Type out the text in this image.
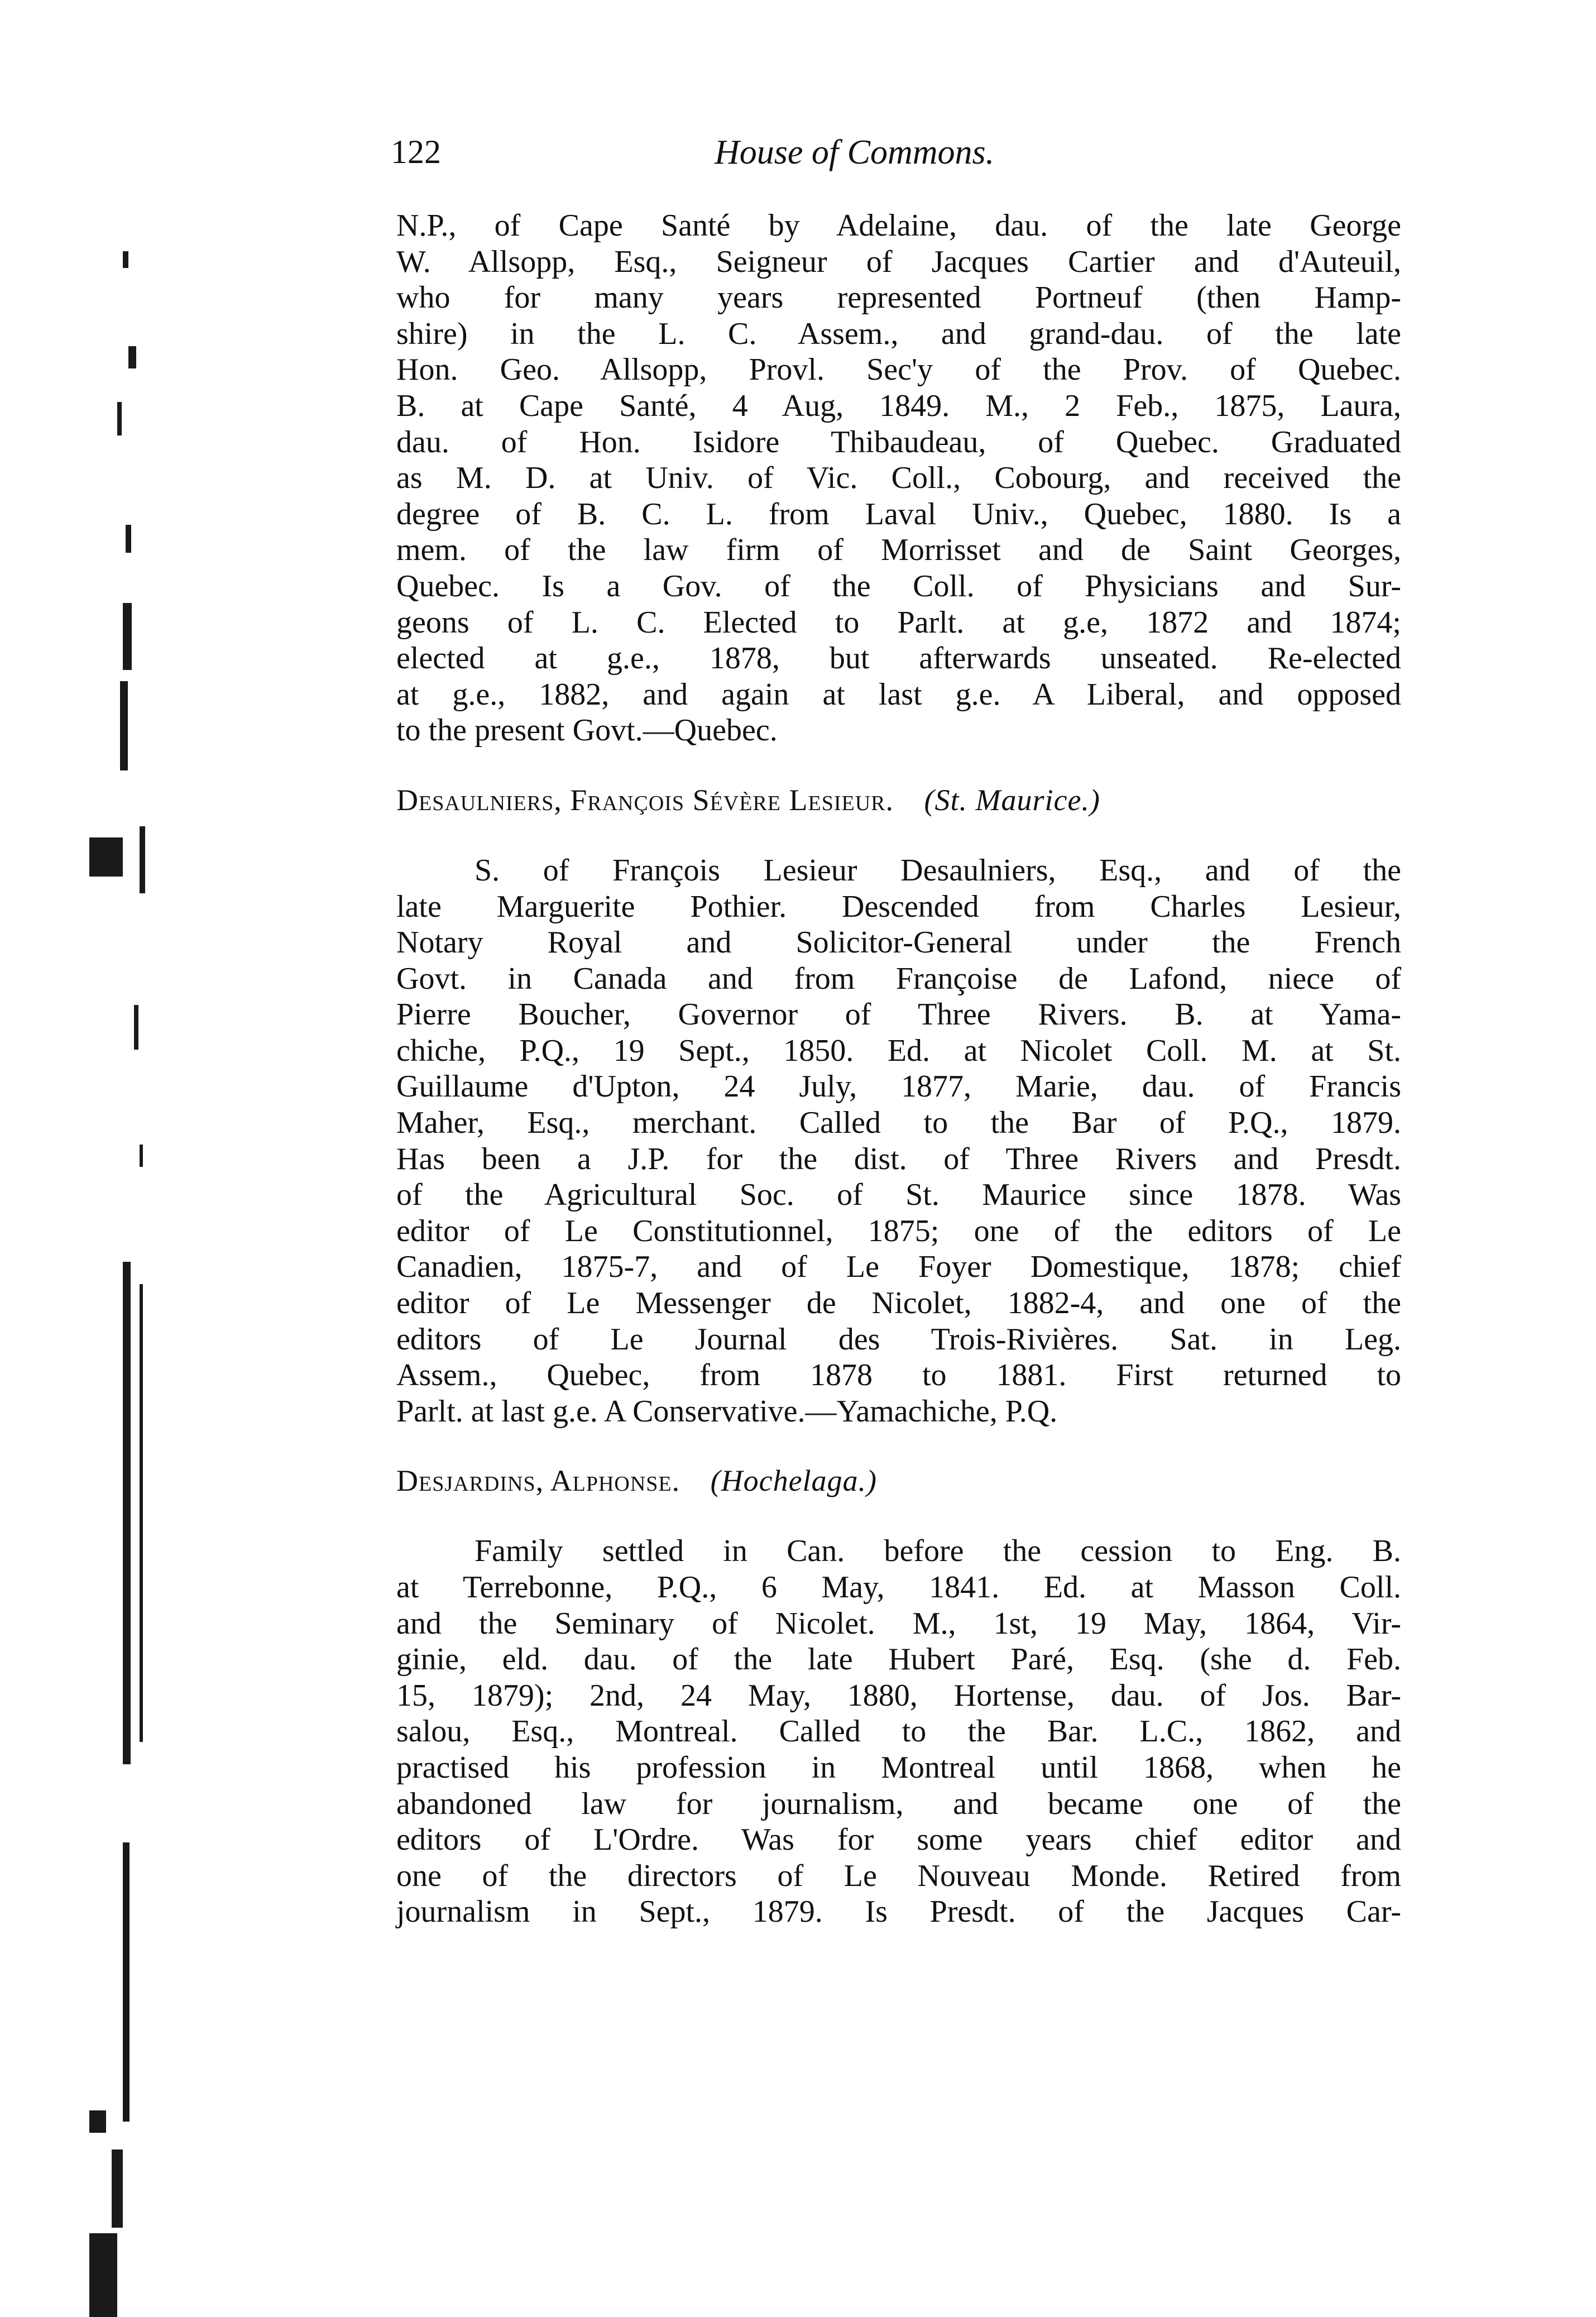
122	House of Commons.
N.P., of Cape Santé by Adelaine, dau. of the late George
W. Allsopp, Esq., Seigneur of Jacques Cartier and d'Auteuil,
who for many years represented Portneuf (then Hamp-
shire) in the L. C. Assem., and grand-dau. of the late
Hon. Geo. Allsopp, Provl. Sec'y of the Prov. of Quebec.
B. at Cape Santé, 4 Aug, 1849. M., 2 Feb., 1875, Laura,
dau. of Hon. Isidore Thibaudeau, of Quebec. Graduated
as M. D. at Univ. of Vic. Coll., Cobourg, and received the
degree of B. C. L. from Laval Univ., Quebec, 1880. Is a
mem. of the law firm of Morrisset and de Saint Georges,
Quebec. Is a Gov. of the Coll. of Physicians and Sur-
geons of L. C. Elected to Parlt. at g.e, 1872 and 1874;
elected at g.e., 1878, but afterwards unseated. Re-elected
at g.e., 1882, and again at last g.e. A Liberal, and opposed
to the present Govt.—Quebec.
Desaulniers, François Sévère Lesieur. (St. Maurice.)
S. of François Lesieur Desaulniers, Esq., and of the
late Marguerite Pothier. Descended from Charles Lesieur,
Notary Royal and Solicitor-General under the French
Govt. in Canada and from Françoise de Lafond, niece of
Pierre Boucher, Governor of Three Rivers. B. at Yama-
chiche, P.Q., 19 Sept., 1850. Ed. at Nicolet Coll. M. at St.
Guillaume d'Upton, 24 July, 1877, Marie, dau. of Francis
Maher, Esq., merchant. Called to the Bar of P.Q., 1879.
Has been a J.P. for the dist. of Three Rivers and Presdt.
of the Agricultural Soc. of St. Maurice since 1878. Was
editor of Le Constitutionnel, 1875; one of the editors of Le
Canadien, 1875-7, and of Le Foyer Domestique, 1878; chief
editor of Le Messenger de Nicolet, 1882-4, and one of the
editors of Le Journal des Trois-Rivières. Sat. in Leg.
Assem., Quebec, from 1878 to 1881. First returned to
Parlt. at last g.e. A Conservative.—Yamachiche, P.Q.
Desjardins, Alphonse. (Hochelaga.)
Family settled in Can. before the cession to Eng. B.
at Terrebonne, P.Q., 6 May, 1841. Ed. at Masson Coll.
and the Seminary of Nicolet. M., 1st, 19 May, 1864, Vir-
ginie, eld. dau. of the late Hubert Paré, Esq. (she d. Feb.
15, 1879); 2nd, 24 May, 1880, Hortense, dau. of Jos. Bar-
salou, Esq., Montreal. Called to the Bar. L.C., 1862, and
practised his profession in Montreal until 1868, when he
abandoned law for journalism, and became one of the
editors of L'Ordre. Was for some years chief editor and
one of the directors of Le Nouveau Monde. Retired from
journalism in Sept., 1879. Is Presdt. of the Jacques Car-
